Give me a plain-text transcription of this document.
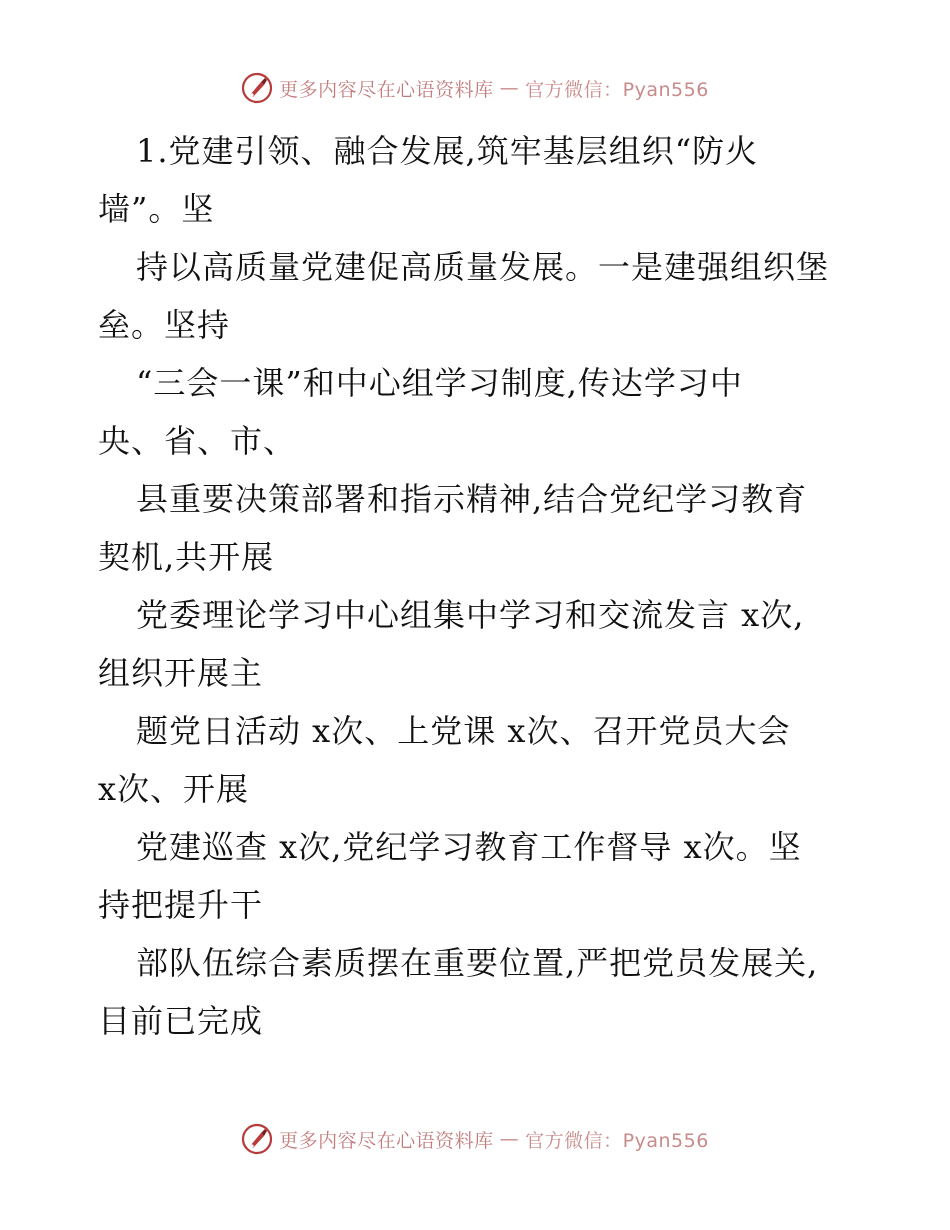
更多内容尽在心语资料库 — 官方微信：Pyan556
1.党建引领、融合发展,筑牢基层组织“防火
墙”。坚
持以高质量党建促高质量发展。一是建强组织堡
垒。坚持
“三会一课”和中心组学习制度,传达学习中
央、省、市、
县重要决策部署和指示精神,结合党纪学习教育
契机,共开展
党委理论学习中心组集中学习和交流发言 x次,
组织开展主
题党日活动 x次、上党课 x次、召开党员大会
x次、开展
党建巡查 x次,党纪学习教育工作督导 x次。坚
持把提升干
部队伍综合素质摆在重要位置,严把党员发展关,
目前已完成
更多内容尽在心语资料库 — 官方微信：Pyan556
